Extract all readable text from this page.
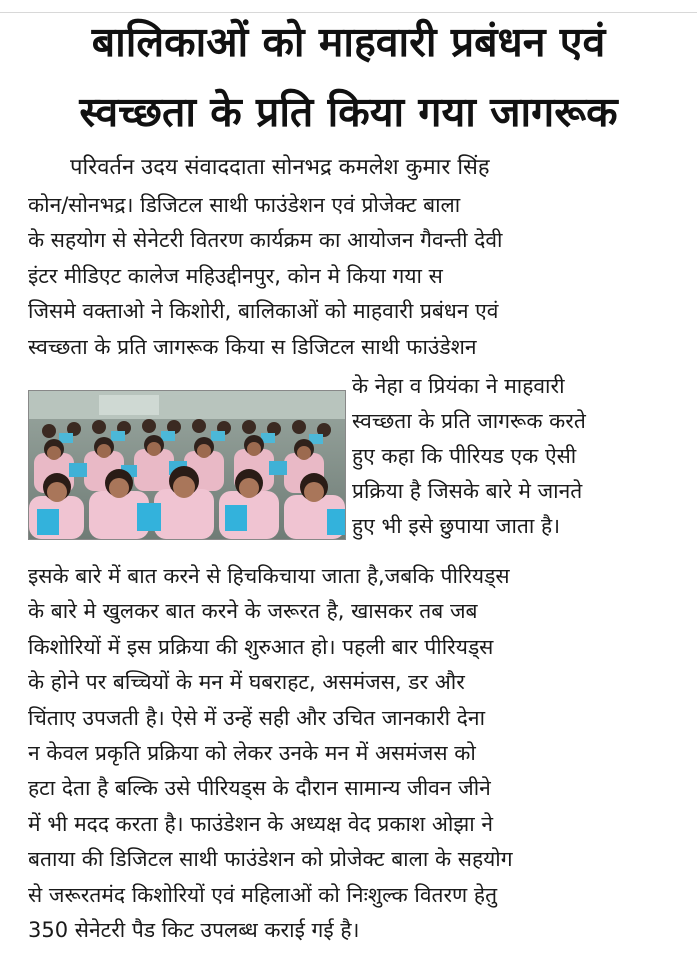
बालिकाओं को माहवारी प्रबंधन एवं
स्वच्छता के प्रति किया गया जागरूक
परिवर्तन उदय संवाददाता सोनभद्र कमलेश कुमार सिंह
कोन/सोनभद्र। डिजिटल साथी फाउंडेशन एवं प्रोजेक्ट बाला
के सहयोग से सेनेटरी वितरण कार्यक्रम का आयोजन गैवन्ती देवी
इंटर मीडिएट कालेज महिउद्दीनपुर, कोन मे किया गया स
जिसमे वक्ताओ ने किशोरी, बालिकाओं को माहवारी प्रबंधन एवं
स्वच्छता के प्रति जागरूक किया स डिजिटल साथी फाउंडेशन
के नेहा व प्रियंका ने माहवारी
स्वच्छता के प्रति जागरूक करते
हुए कहा कि पीरियड एक ऐसी
प्रक्रिया है जिसके बारे मे जानते
हुए भी इसे छुपाया जाता है।
इसके बारे में बात करने से हिचकिचाया जाता है,जबकि पीरियड्स
के बारे मे खुलकर बात करने के जरूरत है, खासकर तब जब
किशोरियों में इस प्रक्रिया की शुरुआत हो। पहली बार पीरियड्स
के होने पर बच्चियों के मन में घबराहट, असमंजस, डर और
चिंताए उपजती है। ऐसे में उन्हें सही और उचित जानकारी देना
न केवल प्रकृति प्रक्रिया को लेकर उनके मन में असमंजस को
हटा देता है बल्कि उसे पीरियड्स के दौरान सामान्य जीवन जीने
में भी मदद करता है। फाउंडेशन के अध्यक्ष वेद प्रकाश ओझा ने
बताया की डिजिटल साथी फाउंडेशन को प्रोजेक्ट बाला के सहयोग
से जरूरतमंद किशोरियों एवं महिलाओं को निःशुल्क वितरण हेतु
350 सेनेटरी पैड किट उपलब्ध कराई गई है।
